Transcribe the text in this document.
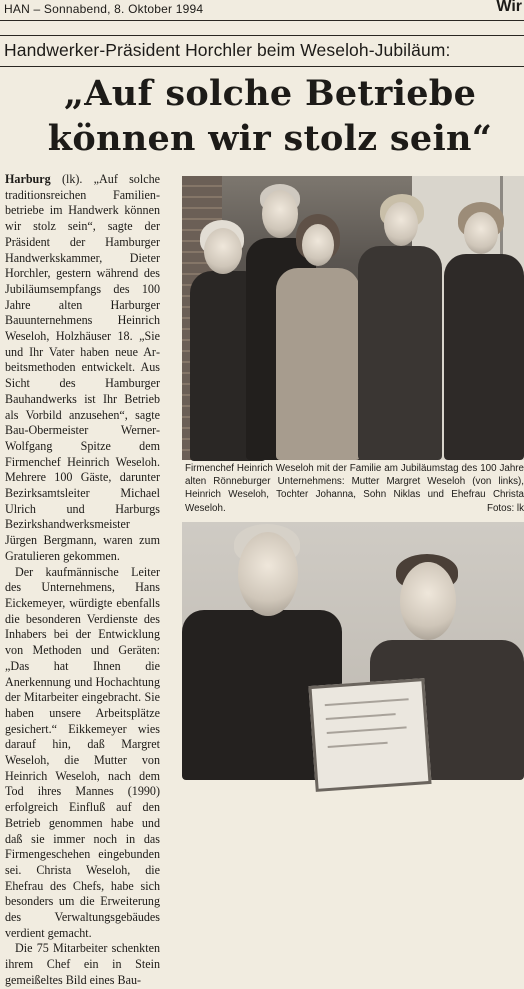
HAN – Sonnabend, 8. Oktober 1994	Wir
Handwerker-Präsident Horchler beim Weseloh-Jubiläum:
„Auf solche Betriebe
können wir stolz sein“

Harburg (lk). „Auf solche traditionsreichen Familienbetriebe im Handwerk können wir stolz sein“, sagte der Präsident der Hamburger Handwerkskammer, Dieter Horchler, gestern während des Jubiläumsempfangs des 100 Jahre alten Harburger Bauunternehmens Heinrich Weseloh, Holzhäuser 18. „Sie und Ihr Vater haben neue Arbeitsmethoden entwickelt. Aus Sicht des Hamburger Bauhandwerks ist Ihr Betrieb als Vorbild anzusehen“, sagte Bau-Obermeister Werner-Wolfgang Spitze dem Firmenchef Heinrich Weseloh. Mehrere 100 Gäste, darunter Bezirksamtsleiter Michael Ulrich und Harburgs Bezirkshandwerksmeister Jürgen Bergmann, waren zum Gratulieren gekommen.

Der kaufmännische Leiter des Unternehmens, Hans Eickemeyer, würdigte ebenfalls die besonderen Verdienste des Inhabers bei der Entwicklung von Methoden und Geräten: „Das hat Ihnen die Anerkennung und Hochachtung der Mitarbeiter eingebracht. Sie haben unsere Arbeitsplätze gesichert.“ Eikkemeyer wies darauf hin, daß Margret Weseloh, die Mutter von Heinrich Weseloh, nach dem Tod ihres Mannes (1990) erfolgreich Einfluß auf den Betrieb genommen habe und daß sie immer noch in das Firmengeschehen eingebunden sei. Christa Weseloh, die Ehefrau des Chefs, habe sich besonders um die Erweiterung des Verwaltungsgebäudes verdient gemacht.

Die 75 Mitarbeiter schenkten ihrem Chef ein in Stein gemeißeltes Bild eines Bau-

Firmenchef Heinrich Weseloh mit der Familie am Jubiläumstag des 100 Jahre alten Rönneburger Unternehmens: Mutter Margret Weseloh (von links), Heinrich Weseloh, Tochter Johanna, Sohn Niklas und Ehefrau Christa Weseloh.	Fotos: lk
